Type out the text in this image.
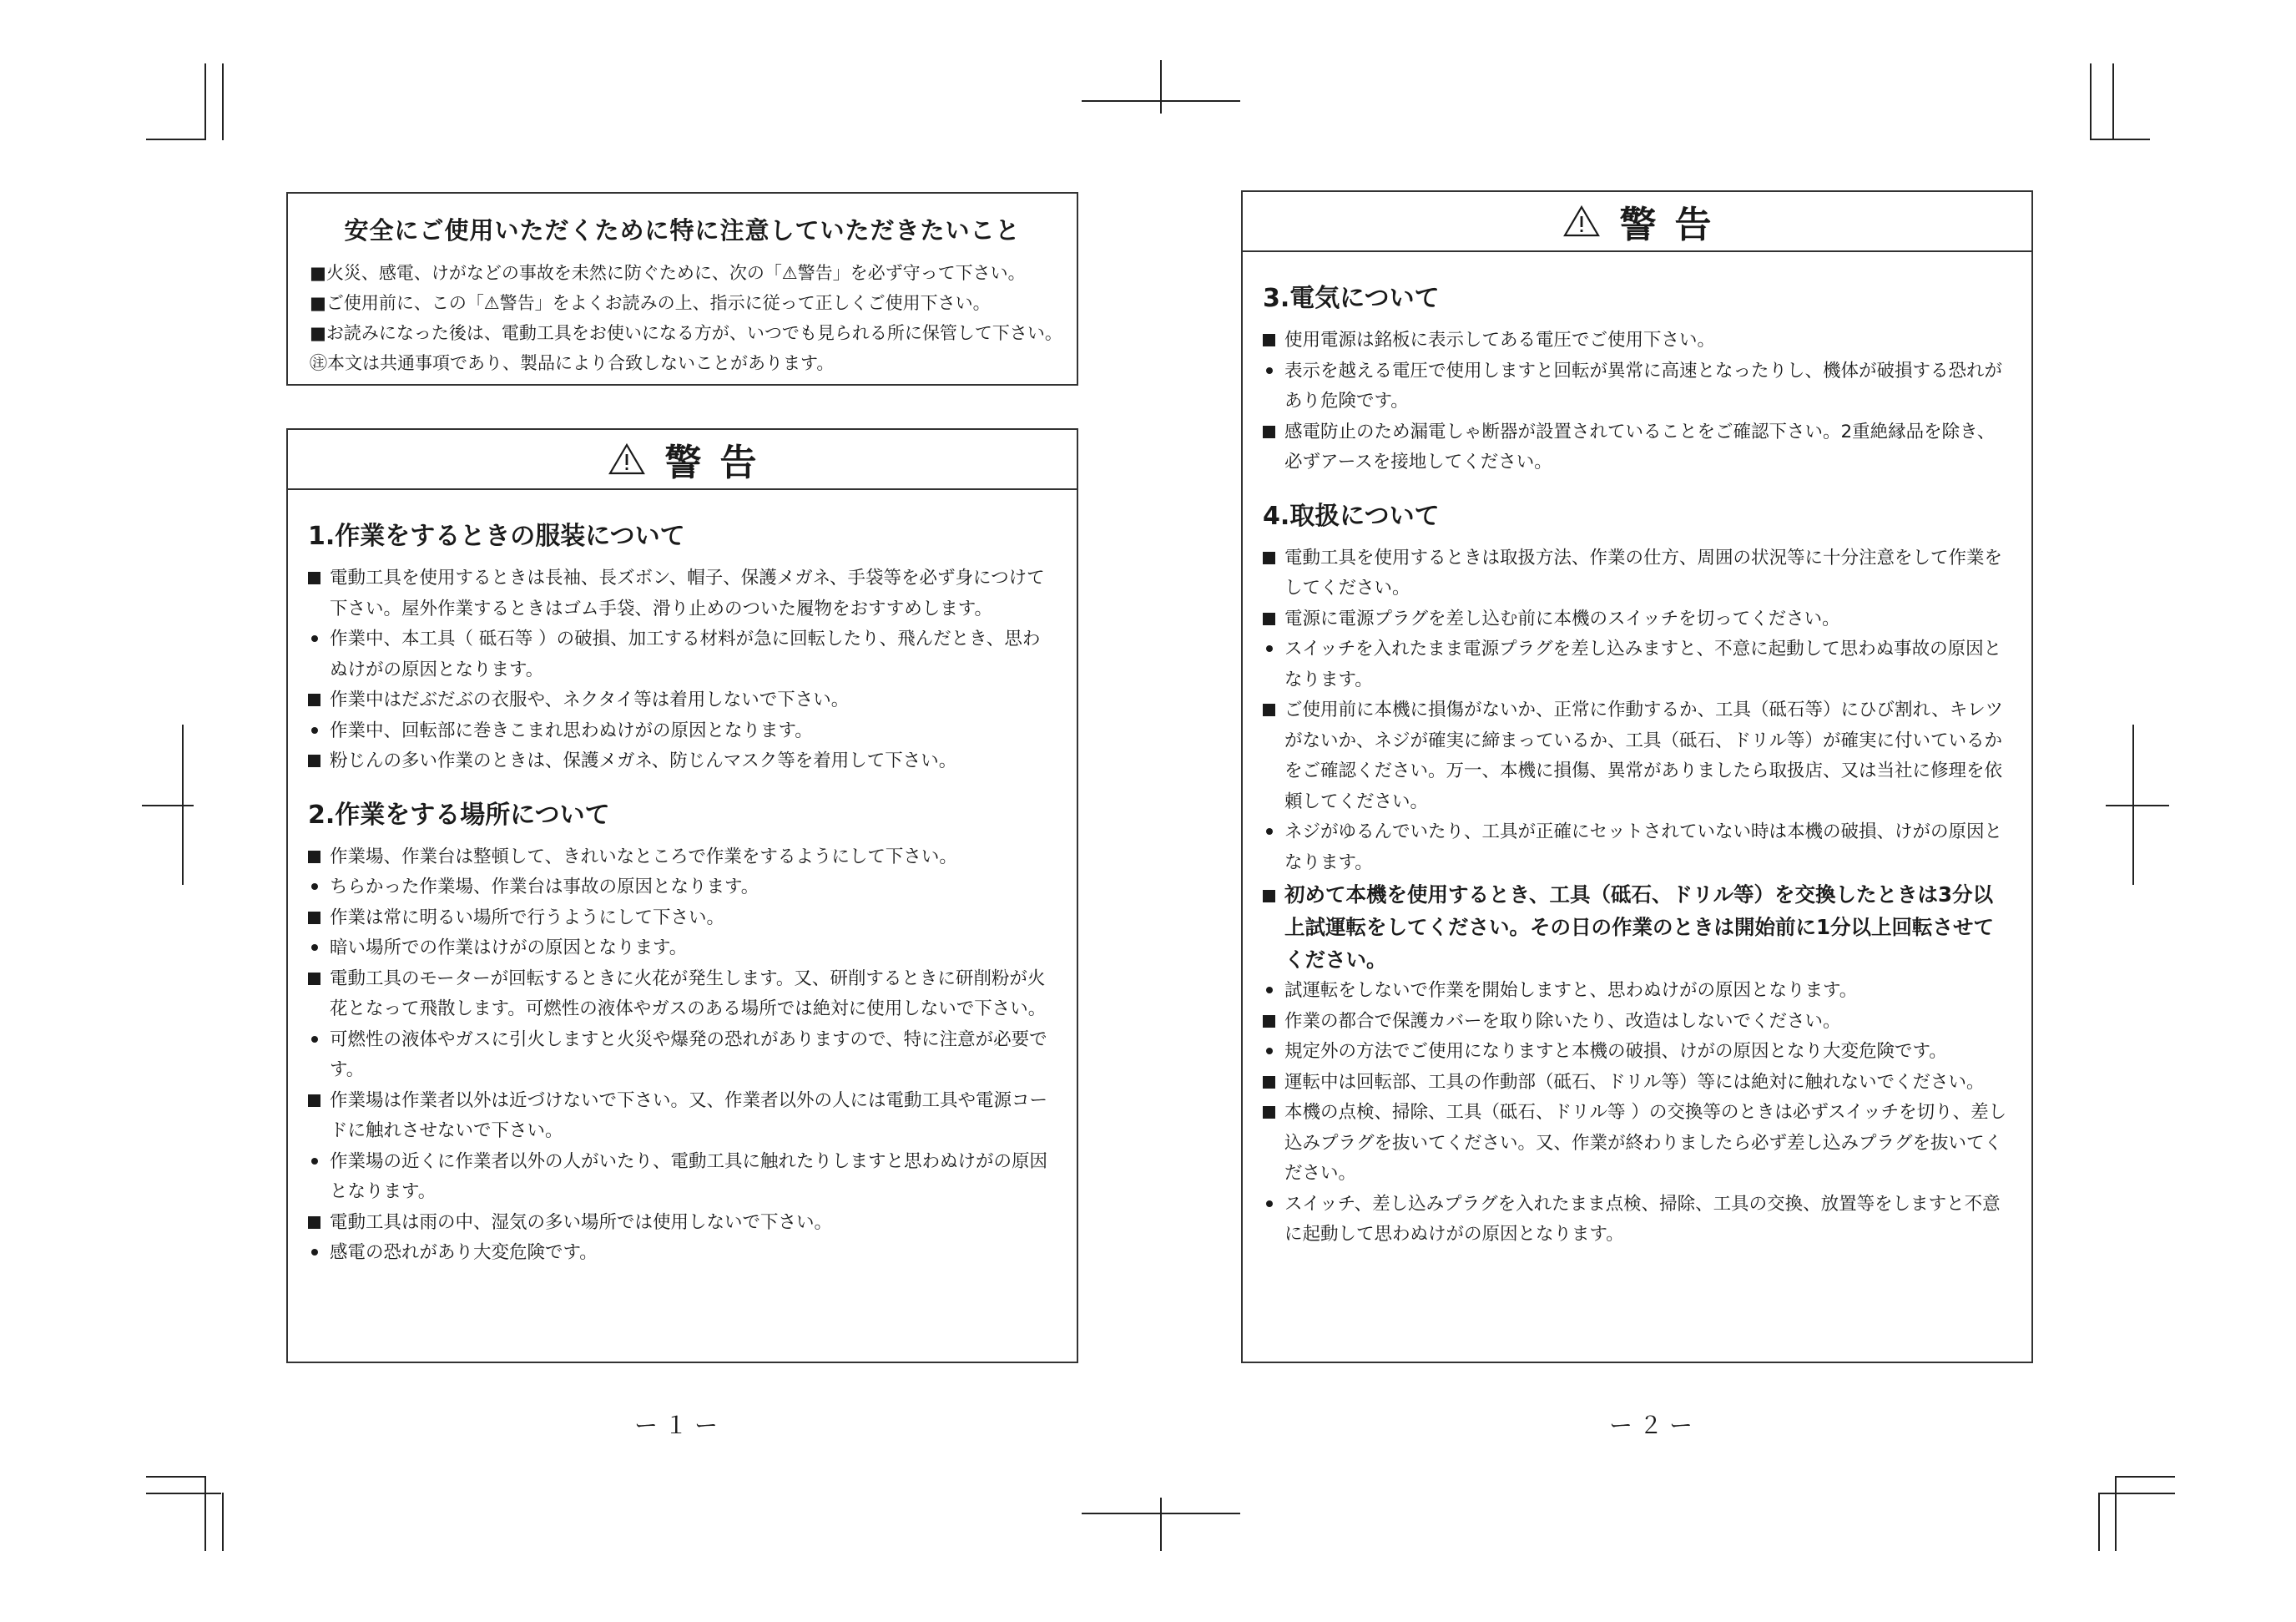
安全にご使用いただくために特に注意していただきたいこと
■火災、感電、けがなどの事故を未然に防ぐために、次の「⚠警告」を必ず守って下さい。
■ご使用前に、この「⚠警告」をよくお読みの上、指示に従って正しくご使用下さい。
■お読みになった後は、電動工具をお使いになる方が、いつでも見られる所に保管して下さい。
㊟本文は共通事項であり、製品により合致しないことがあります。
警告
1.作業をするときの服装について
電動工具を使用するときは長袖、長ズボン、帽子、保護メガネ、手袋等を必ず身につけて下さい。屋外作業するときはゴム手袋、滑り止めのついた履物をおすすめします。
作業中、本工具（ 砥石等 ）の破損、加工する材料が急に回転したり、飛んだとき、思わぬけがの原因となります。
作業中はだぶだぶの衣服や、ネクタイ等は着用しないで下さい。
作業中、回転部に巻きこまれ思わぬけがの原因となります。
粉じんの多い作業のときは、保護メガネ、防じんマスク等を着用して下さい。
2.作業をする場所について
作業場、作業台は整頓して、きれいなところで作業をするようにして下さい。
ちらかった作業場、作業台は事故の原因となります。
作業は常に明るい場所で行うようにして下さい。
暗い場所での作業はけがの原因となります。
電動工具のモーターが回転するときに火花が発生します。又、研削するときに研削粉が火花となって飛散します。可燃性の液体やガスのある場所では絶対に使用しないで下さい。
可燃性の液体やガスに引火しますと火災や爆発の恐れがありますので、特に注意が必要です。
作業場は作業者以外は近づけないで下さい。又、作業者以外の人には電動工具や電源コードに触れさせないで下さい。
作業場の近くに作業者以外の人がいたり、電動工具に触れたりしますと思わぬけがの原因となります。
電動工具は雨の中、湿気の多い場所では使用しないで下さい。
感電の恐れがあり大変危険です。
警告
3.電気について
使用電源は銘板に表示してある電圧でご使用下さい。
表示を越える電圧で使用しますと回転が異常に高速となったりし、機体が破損する恐れがあり危険です。
感電防止のため漏電しゃ断器が設置されていることをご確認下さい。2重絶縁品を除き、必ずアースを接地してください。
4.取扱について
電動工具を使用するときは取扱方法、作業の仕方、周囲の状況等に十分注意をして作業をしてください。
電源に電源プラグを差し込む前に本機のスイッチを切ってください。
スイッチを入れたまま電源プラグを差し込みますと、不意に起動して思わぬ事故の原因となります。
ご使用前に本機に損傷がないか、正常に作動するか、工具（砥石等）にひび割れ、キレツがないか、ネジが確実に締まっているか、工具（砥石、ドリル等）が確実に付いているかをご確認ください。万一、本機に損傷、異常がありましたら取扱店、又は当社に修理を依頼してください。
ネジがゆるんでいたり、工具が正確にセットされていない時は本機の破損、けがの原因となります。
初めて本機を使用するとき、工具（砥石、ドリル等）を交換したときは3分以上試運転をしてください。その日の作業のときは開始前に1分以上回転させてください。
試運転をしないで作業を開始しますと、思わぬけがの原因となります。
作業の都合で保護カバーを取り除いたり、改造はしないでください。
規定外の方法でご使用になりますと本機の破損、けがの原因となり大変危険です。
運転中は回転部、工具の作動部（砥石、ドリル等）等には絶対に触れないでください。
本機の点検、掃除、工具（砥石、ドリル等 ）の交換等のときは必ずスイッチを切り、差し込みプラグを抜いてください。又、作業が終わりましたら必ず差し込みプラグを抜いてください。
スイッチ、差し込みプラグを入れたまま点検、掃除、工具の交換、放置等をしますと不意に起動して思わぬけがの原因となります。
ー１ー	ー２ー
